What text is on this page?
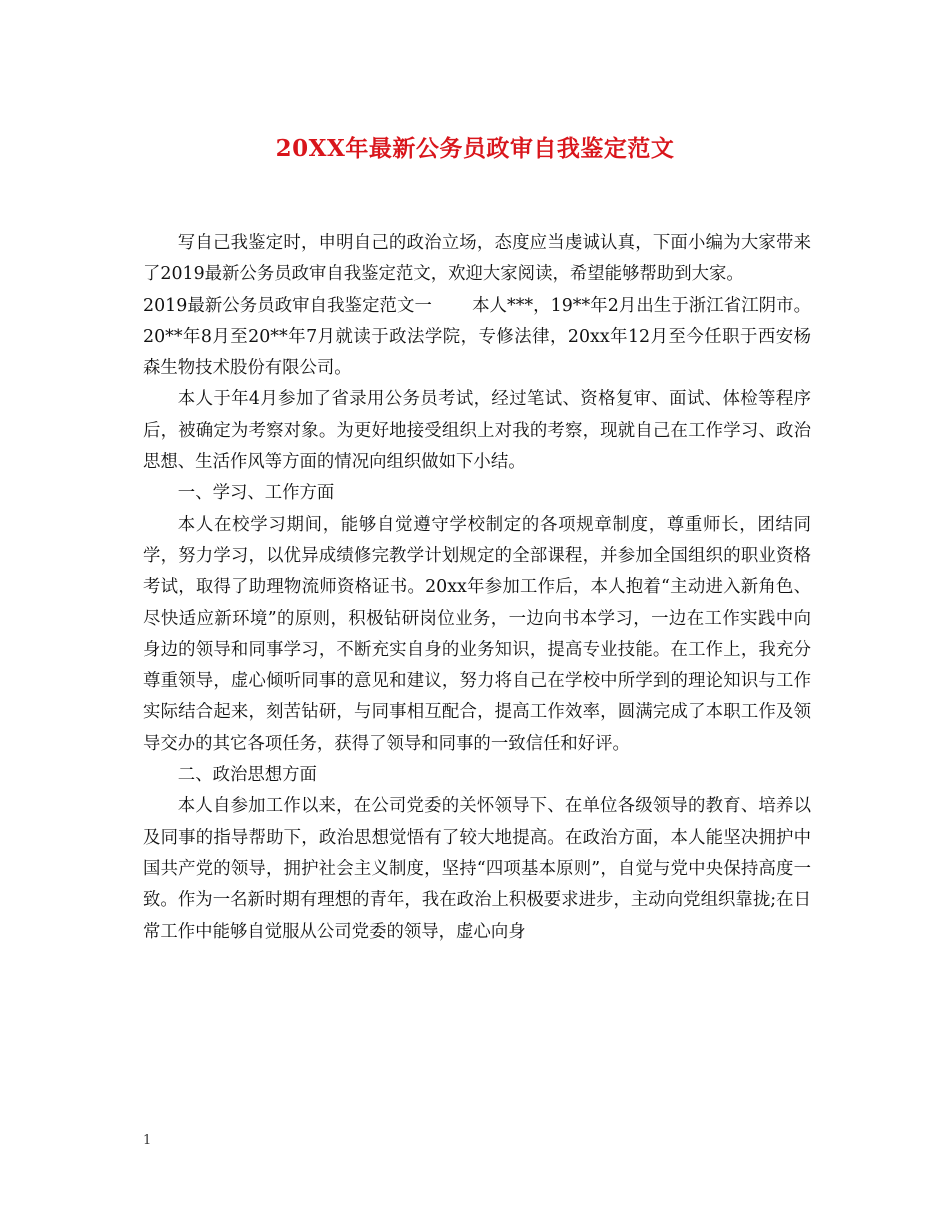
20XX年最新公务员政审自我鉴定范文

写自己我鉴定时，申明自己的政治立场，态度应当虔诚认真，下面小编为大家带来了2019最新公务员政审自我鉴定范文，欢迎大家阅读，希望能够帮助到大家。

2019最新公务员政审自我鉴定范文一 本人***，19**年2月出生于浙江省江阴市。20**年8月至20**年7月就读于政法学院，专修法律，20xx年12月至今任职于西安杨森生物技术股份有限公司。

本人于年4月参加了省录用公务员考试，经过笔试、资格复审、面试、体检等程序后，被确定为考察对象。为更好地接受组织上对我的考察，现就自己在工作学习、政治思想、生活作风等方面的情况向组织做如下小结。

一、学习、工作方面

本人在校学习期间，能够自觉遵守学校制定的各项规章制度，尊重师长，团结同学，努力学习，以优异成绩修完教学计划规定的全部课程，并参加全国组织的职业资格考试，取得了助理物流师资格证书。20xx年参加工作后，本人抱着“主动进入新角色、尽快适应新环境”的原则，积极钻研岗位业务，一边向书本学习，一边在工作实践中向身边的领导和同事学习，不断充实自身的业务知识，提高专业技能。在工作上，我充分尊重领导，虚心倾听同事的意见和建议，努力将自己在学校中所学到的理论知识与工作实际结合起来，刻苦钻研，与同事相互配合，提高工作效率，圆满完成了本职工作及领导交办的其它各项任务，获得了领导和同事的一致信任和好评。

二、政治思想方面

本人自参加工作以来，在公司党委的关怀领导下、在单位各级领导的教育、培养以及同事的指导帮助下，政治思想觉悟有了较大地提高。在政治方面，本人能坚决拥护中国共产党的领导，拥护社会主义制度，坚持“四项基本原则”，自觉与党中央保持高度一致。作为一名新时期有理想的青年，我在政治上积极要求进步，主动向党组织靠拢;在日常工作中能够自觉服从公司党委的领导，虚心向身

1
